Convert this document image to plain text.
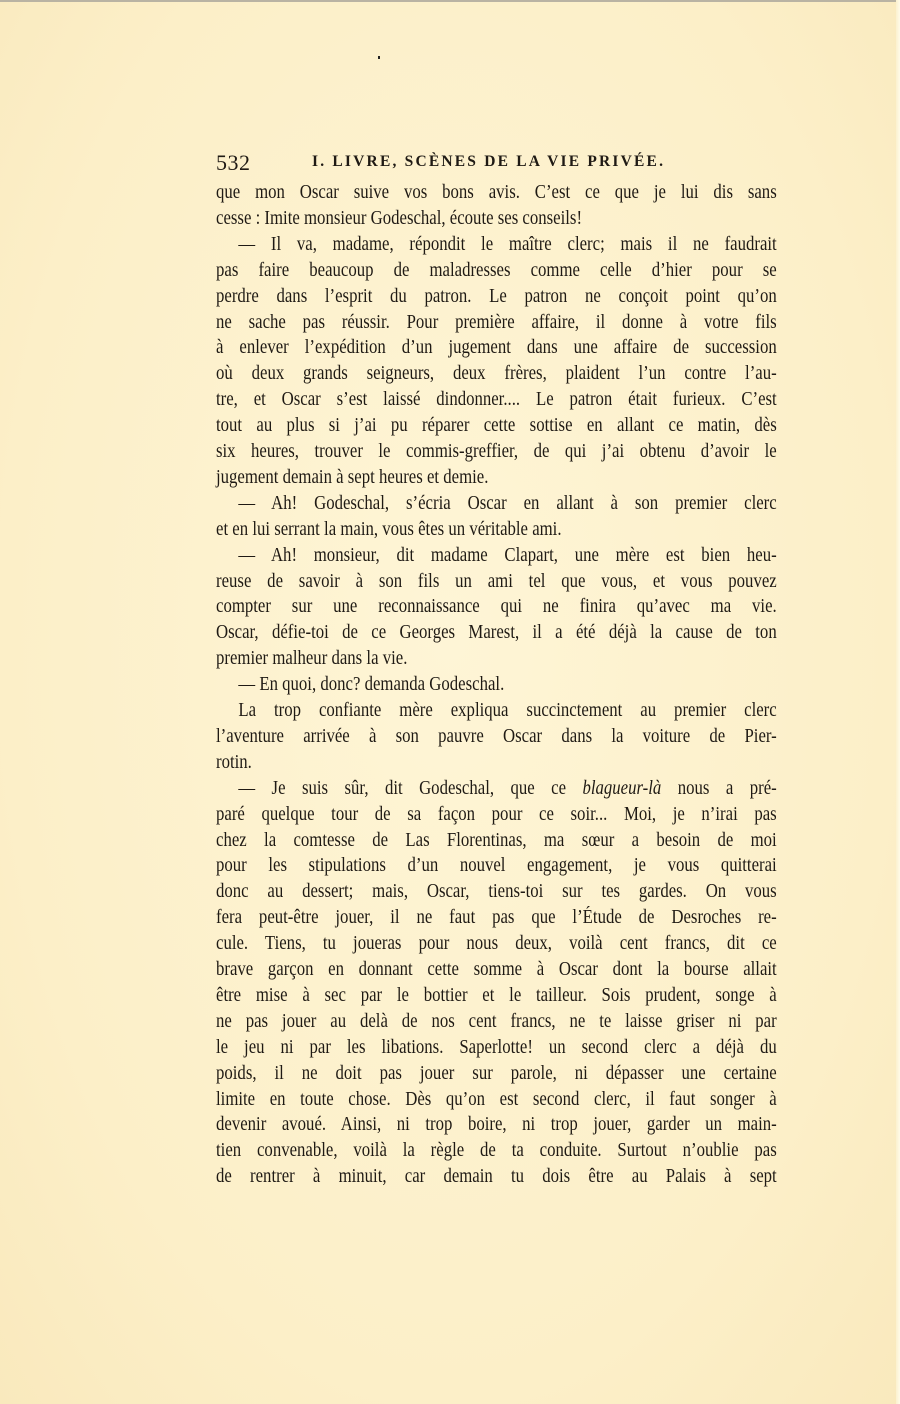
532	I. LIVRE, SCÈNES DE LA VIE PRIVÉE.
que mon Oscar suive vos bons avis. C’est ce que je lui dis sans
cesse : Imite monsieur Godeschal, écoute ses conseils!
— Il va, madame, répondit le maître clerc; mais il ne faudrait
pas faire beaucoup de maladresses comme celle d’hier pour se
perdre dans l’esprit du patron. Le patron ne conçoit point qu’on
ne sache pas réussir. Pour première affaire, il donne à votre fils
à enlever l’expédition d’un jugement dans une affaire de succession
où deux grands seigneurs, deux frères, plaident l’un contre l’au-
tre, et Oscar s’est laissé dindonner.... Le patron était furieux. C’est
tout au plus si j’ai pu réparer cette sottise en allant ce matin, dès
six heures, trouver le commis-greffier, de qui j’ai obtenu d’avoir le
jugement demain à sept heures et demie.
— Ah! Godeschal, s’écria Oscar en allant à son premier clerc
et en lui serrant la main, vous êtes un véritable ami.
— Ah! monsieur, dit madame Clapart, une mère est bien heu-
reuse de savoir à son fils un ami tel que vous, et vous pouvez
compter sur une reconnaissance qui ne finira qu’avec ma vie.
Oscar, défie-toi de ce Georges Marest, il a été déjà la cause de ton
premier malheur dans la vie.
— En quoi, donc? demanda Godeschal.
La trop confiante mère expliqua succinctement au premier clerc
l’aventure arrivée à son pauvre Oscar dans la voiture de Pier-
rotin.
— Je suis sûr, dit Godeschal, que ce blagueur-là nous a pré-
paré quelque tour de sa façon pour ce soir... Moi, je n’irai pas
chez la comtesse de Las Florentinas, ma sœur a besoin de moi
pour les stipulations d’un nouvel engagement, je vous quitterai
donc au dessert; mais, Oscar, tiens-toi sur tes gardes. On vous
fera peut-être jouer, il ne faut pas que l’Étude de Desroches re-
cule. Tiens, tu joueras pour nous deux, voilà cent francs, dit ce
brave garçon en donnant cette somme à Oscar dont la bourse allait
être mise à sec par le bottier et le tailleur. Sois prudent, songe à
ne pas jouer au delà de nos cent francs, ne te laisse griser ni par
le jeu ni par les libations. Saperlotte! un second clerc a déjà du
poids, il ne doit pas jouer sur parole, ni dépasser une certaine
limite en toute chose. Dès qu’on est second clerc, il faut songer à
devenir avoué. Ainsi, ni trop boire, ni trop jouer, garder un main-
tien convenable, voilà la règle de ta conduite. Surtout n’oublie pas
de rentrer à minuit, car demain tu dois être au Palais à sept
